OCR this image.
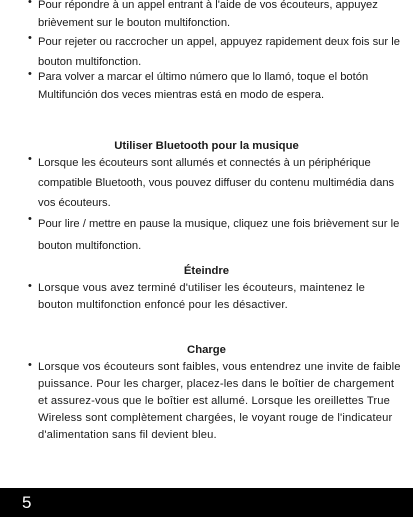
• Pour répondre à un appel entrant à l'aide de vos écouteurs, appuyez brièvement sur le bouton multifonction.
• Pour rejeter ou raccrocher un appel, appuyez rapidement deux fois sur le bouton multifonction.
• Para volver a marcar el último número que lo llamó, toque el botón Multifunción dos veces mientras está en modo de espera.
Utiliser Bluetooth pour la musique
• Lorsque les écouteurs sont allumés et connectés à un périphérique compatible Bluetooth, vous pouvez diffuser du contenu multimédia dans vos écouteurs.
• Pour lire / mettre en pause la musique, cliquez une fois brièvement sur le bouton multifonction.
Éteindre
• Lorsque vous avez terminé d'utiliser les écouteurs, maintenez le bouton multifonction enfoncé pour les désactiver.
Charge
• Lorsque vos écouteurs sont faibles, vous entendrez une invite de faible puissance. Pour les charger, placez-les dans le boîtier de chargement et assurez-vous que le boîtier est allumé. Lorsque les oreillettes True Wireless sont complètement chargées, le voyant rouge de l'indicateur d'alimentation sans fil devient bleu.
5
